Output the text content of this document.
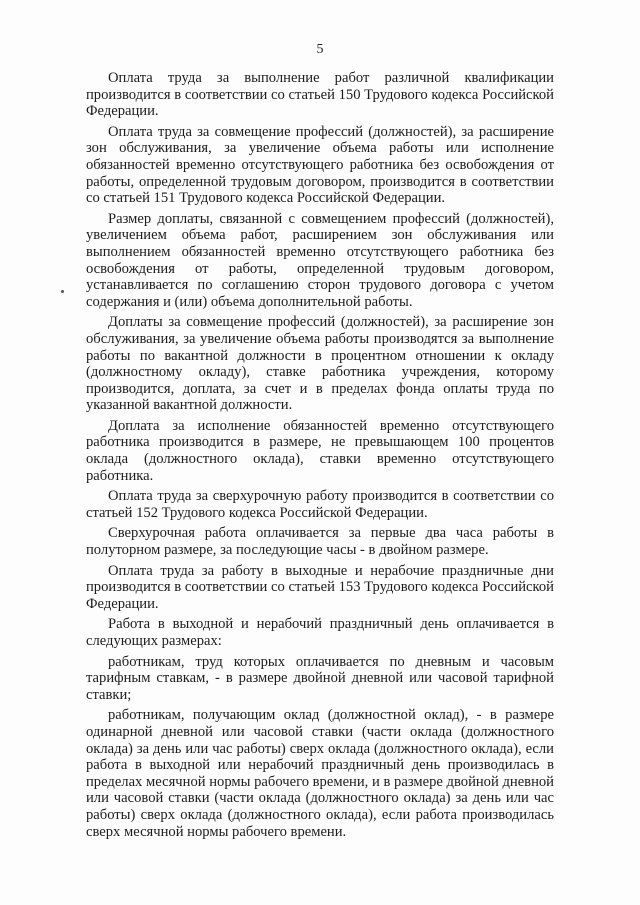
5

Оплата труда за выполнение работ различной квалификации производится в соответствии со статьей 150 Трудового кодекса Российской Федерации.

Оплата труда за совмещение профессий (должностей), за расширение зон обслуживания, за увеличение объема работы или исполнение обязанностей временно отсутствующего работника без освобождения от работы, определенной трудовым договором, производится в соответствии со статьей 151 Трудового кодекса Российской Федерации.

Размер доплаты, связанной с совмещением профессий (должностей), увеличением объема работ, расширением зон обслуживания или выполнением обязанностей временно отсутствующего работника без освобождения от работы, определенной трудовым договором, устанавливается по соглашению сторон трудового договора с учетом содержания и (или) объема дополнительной работы.

Доплаты за совмещение профессий (должностей), за расширение зон обслуживания, за увеличение объема работы производятся за выполнение работы по вакантной должности в процентном отношении к окладу (должностному окладу), ставке работника учреждения, которому производится, доплата, за счет и в пределах фонда оплаты труда по указанной вакантной должности.

Доплата за исполнение обязанностей временно отсутствующего работника производится в размере, не превышающем 100 процентов оклада (должностного оклада), ставки временно отсутствующего работника.

Оплата труда за сверхурочную работу производится в соответствии со статьей 152 Трудового кодекса Российской Федерации.

Сверхурочная работа оплачивается за первые два часа работы в полуторном размере, за последующие часы - в двойном размере.

Оплата труда за работу в выходные и нерабочие праздничные дни производится в соответствии со статьей 153 Трудового кодекса Российской Федерации.

Работа в выходной и нерабочий праздничный день оплачивается в следующих размерах:

работникам, труд которых оплачивается по дневным и часовым тарифным ставкам, - в размере двойной дневной или часовой тарифной ставки;

работникам, получающим оклад (должностной оклад), - в размере одинарной дневной или часовой ставки (части оклада (должностного оклада) за день или час работы) сверх оклада (должностного оклада), если работа в выходной или нерабочий праздничный день производилась в пределах месячной нормы рабочего времени, и в размере двойной дневной или часовой ставки (части оклада (должностного оклада) за день или час работы) сверх оклада (должностного оклада), если работа производилась сверх месячной нормы рабочего времени.
